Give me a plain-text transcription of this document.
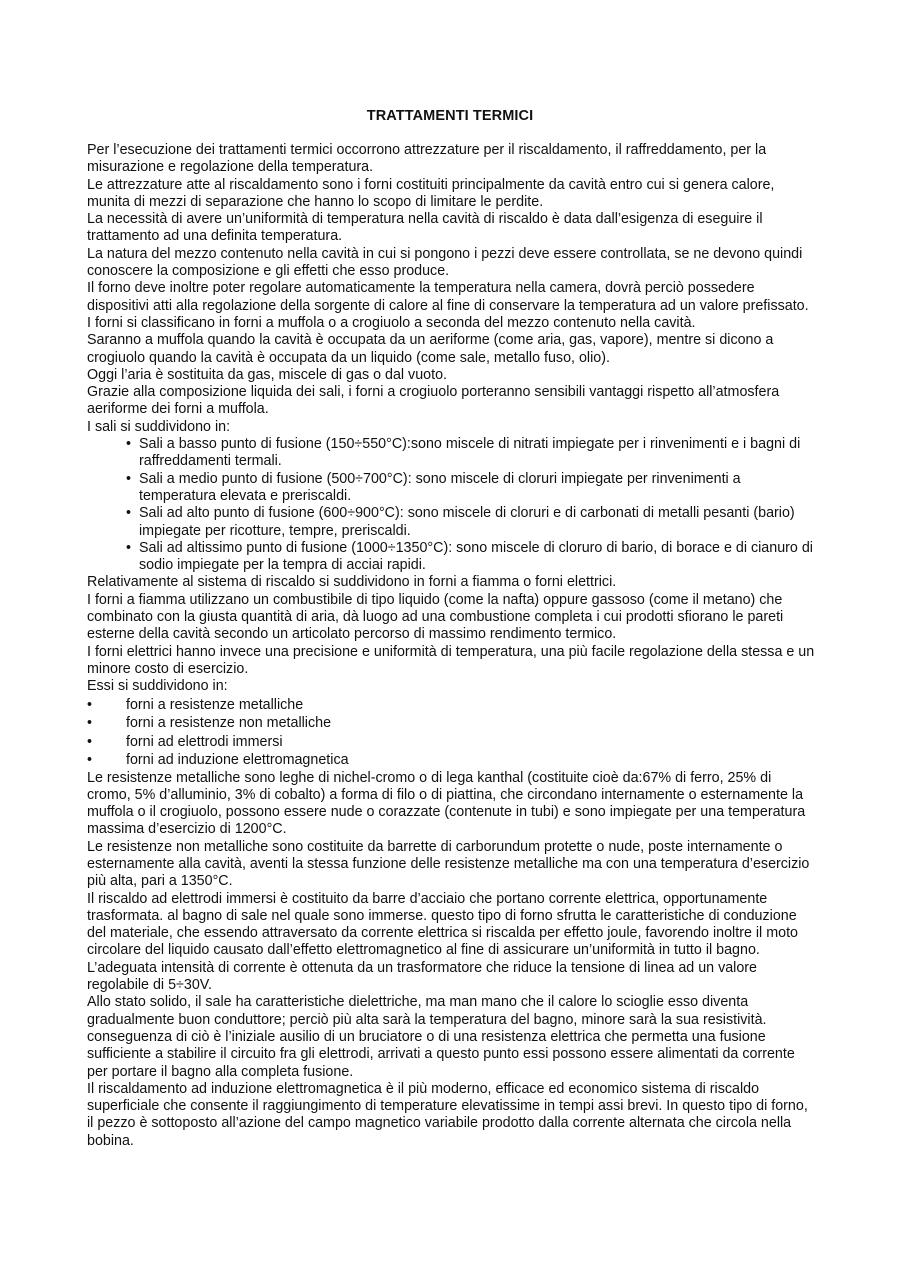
TRATTAMENTI TERMICI

Per l’esecuzione dei trattamenti termici occorrono attrezzature per il riscaldamento, il raffreddamento, per la misurazione e regolazione della temperatura.

Le attrezzature atte al riscaldamento sono i forni costituiti principalmente da cavità entro cui si genera calore, munita di mezzi di separazione che hanno lo scopo di limitare le perdite.

La necessità di avere un’uniformità di temperatura nella cavità di riscaldo è data dall’esigenza di eseguire il trattamento ad una definita temperatura.

La natura del mezzo contenuto nella cavità in cui si pongono i pezzi deve essere controllata, se ne devono quindi conoscere la composizione e gli effetti che esso produce.

Il forno deve inoltre poter regolare automaticamente la temperatura nella camera, dovrà perciò possedere dispositivi atti alla regolazione della sorgente di calore al fine di conservare la temperatura ad un valore prefissato.

I forni si classificano in forni a muffola o a crogiuolo a seconda del mezzo contenuto nella cavità.

Saranno a muffola quando la cavità è occupata da un aeriforme (come aria, gas, vapore), mentre si dicono a crogiuolo quando la cavità è occupata da un liquido (come sale, metallo fuso, olio).

Oggi l’aria è sostituita da gas, miscele di gas o dal vuoto.

Grazie alla composizione liquida dei sali, i forni a crogiuolo porteranno sensibili vantaggi rispetto all’atmosfera aeriforme dei forni a muffola.

I sali si suddividono in:

• Sali a basso punto di fusione (150÷550°C):sono miscele di nitrati impiegate per i rinvenimenti e i bagni di raffreddamenti termali.
• Sali a medio punto di fusione (500÷700°C): sono miscele di cloruri impiegate per rinvenimenti a temperatura elevata e preriscaldi.
• Sali ad alto punto di fusione (600÷900°C): sono miscele di cloruri e di carbonati di metalli pesanti (bario) impiegate per ricotture, tempre, preriscaldi.
• Sali ad altissimo punto di fusione (1000÷1350°C): sono miscele di cloruro di bario, di borace e di cianuro di sodio impiegate per la tempra di acciai rapidi.

Relativamente al sistema di riscaldo si suddividono in forni a fiamma o forni elettrici.

I forni a fiamma utilizzano un combustibile di tipo liquido (come la nafta) oppure gassoso (come il metano) che combinato con la giusta quantità di aria, dà luogo ad una combustione completa i cui prodotti sfiorano le pareti esterne della cavità secondo un articolato percorso di massimo rendimento termico.

I forni elettrici hanno invece una precisione e uniformità di temperatura, una più facile regolazione della stessa e un minore costo di esercizio.

Essi si suddividono in:

• forni a resistenze metalliche
• forni a resistenze non metalliche
• forni ad elettrodi immersi
• forni ad induzione elettromagnetica

Le resistenze metalliche sono leghe di nichel-cromo o di lega kanthal (costituite cioè da:67% di ferro, 25% di cromo, 5% d’alluminio, 3% di cobalto) a forma di filo o di piattina, che circondano internamente o esternamente la muffola o il crogiuolo, possono essere nude o corazzate (contenute in tubi) e sono impiegate per una temperatura massima d’esercizio di 1200°C.

Le resistenze non metalliche sono costituite da barrette di carborundum protette o nude, poste internamente o esternamente alla cavità, aventi la stessa funzione delle resistenze metalliche ma con una temperatura d’esercizio più alta, pari a 1350°C.

Il riscaldo ad elettrodi immersi è costituito da barre d’acciaio che portano corrente elettrica, opportunamente trasformata. al bagno di sale nel quale sono immerse. questo tipo di forno sfrutta le caratteristiche di conduzione del materiale, che essendo attraversato da corrente elettrica si riscalda per effetto joule, favorendo inoltre il moto circolare del liquido causato dall’effetto elettromagnetico al fine di assicurare un’uniformità in tutto il bagno. L’adeguata intensità di corrente è ottenuta da un trasformatore che riduce la tensione di linea ad un valore regolabile di 5÷30V.

Allo stato solido, il sale ha caratteristiche dielettriche, ma man mano che il calore lo scioglie esso diventa gradualmente buon conduttore; perciò più alta sarà la temperatura del bagno, minore sarà la sua resistività. conseguenza di ciò è l’iniziale ausilio di un bruciatore o di una resistenza elettrica che permetta una fusione sufficiente a stabilire il circuito fra gli elettrodi, arrivati a questo punto essi possono essere alimentati da corrente per portare il bagno alla completa fusione.

Il riscaldamento ad induzione elettromagnetica è il più moderno, efficace ed economico sistema di riscaldo superficiale che consente il raggiungimento di temperature elevatissime in tempi assi brevi. In questo tipo di forno, il pezzo è sottoposto all’azione del campo magnetico variabile prodotto dalla corrente alternata che circola nella bobina.
